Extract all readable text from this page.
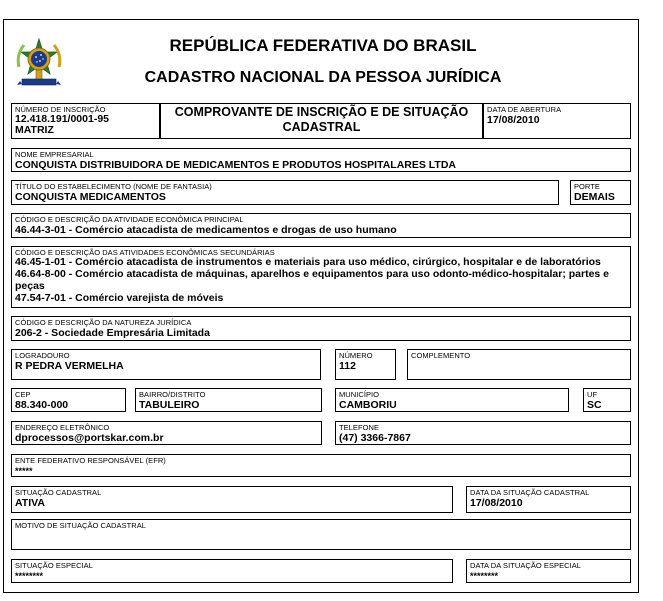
REPÚBLICA FEDERATIVA DO BRASIL
CADASTRO NACIONAL DA PESSOA JURÍDICA
NÚMERO DE INSCRIÇÃO
12.418.191/0001-95
MATRIZ
COMPROVANTE DE INSCRIÇÃO E DE SITUAÇÃO
CADASTRAL
DATA DE ABERTURA
17/08/2010
NOME EMPRESARIAL
CONQUISTA DISTRIBUIDORA DE MEDICAMENTOS E PRODUTOS HOSPITALARES LTDA
TÍTULO DO ESTABELECIMENTO (NOME DE FANTASIA)
CONQUISTA MEDICAMENTOS
PORTE
DEMAIS
CÓDIGO E DESCRIÇÃO DA ATIVIDADE ECONÔMICA PRINCIPAL
46.44-3-01 - Comércio atacadista de medicamentos e drogas de uso humano
CÓDIGO E DESCRIÇÃO DAS ATIVIDADES ECONÔMICAS SECUNDÁRIAS
46.45-1-01 - Comércio atacadista de instrumentos e materiais para uso médico, cirúrgico, hospitalar e de laboratórios
46.64-8-00 - Comércio atacadista de máquinas, aparelhos e equipamentos para uso odonto-médico-hospitalar; partes e
peças
47.54-7-01 - Comércio varejista de móveis
CÓDIGO E DESCRIÇÃO DA NATUREZA JURÍDICA
206-2 - Sociedade Empresária Limitada
LOGRADOURO
R PEDRA VERMELHA
NÚMERO
112
COMPLEMENTO
CEP
88.340-000
BAIRRO/DISTRITO
TABULEIRO
MUNICÍPIO
CAMBORIU
UF
SC
ENDEREÇO ELETRÔNICO
dprocessos@portskar.com.br
TELEFONE
(47) 3366-7867
ENTE FEDERATIVO RESPONSÁVEL (EFR)
*****
SITUAÇÃO CADASTRAL
ATIVA
DATA DA SITUAÇÃO CADASTRAL
17/08/2010
MOTIVO DE SITUAÇÃO CADASTRAL
SITUAÇÃO ESPECIAL
********
DATA DA SITUAÇÃO ESPECIAL
********
